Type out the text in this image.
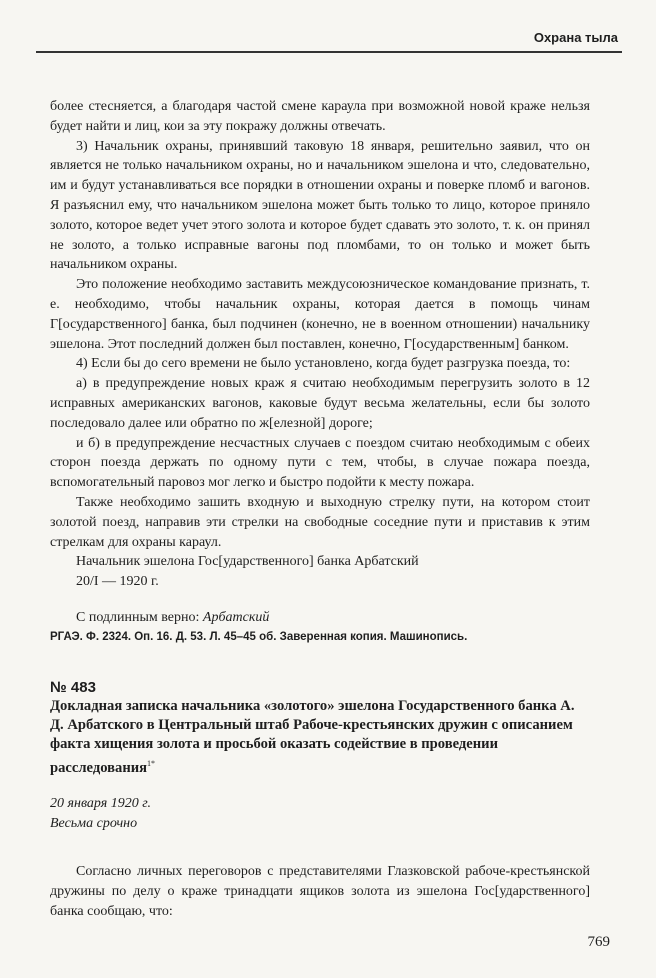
Охрана тыла

более стесняется, а благодаря частой смене караула при возможной новой краже нельзя будет найти и лиц, кои за эту покражу должны отвечать.

3) Начальник охраны, принявший таковую 18 января, решительно заявил, что он является не только начальником охраны, но и начальником эшелона и что, следовательно, им и будут устанавливаться все порядки в отношении охраны и поверке пломб и вагонов. Я разъяснил ему, что начальником эшелона может быть только то лицо, которое приняло золото, которое ведет учет этого золота и которое будет сдавать это золото, т. к. он принял не золото, а только исправные вагоны под пломбами, то он только и может быть начальником охраны.

Это положение необходимо заставить междусоюзническое командование признать, т. е. необходимо, чтобы начальник охраны, которая дается в помощь чинам Г[осударственного] банка, был подчинен (конечно, не в военном отношении) начальнику эшелона. Этот последний должен был поставлен, конечно, Г[осударственным] банком.

4) Если бы до сего времени не было установлено, когда будет разгрузка поезда, то:

а) в предупреждение новых краж я считаю необходимым перегрузить золото в 12 исправных американских вагонов, каковые будут весьма желательны, если бы золото последовало далее или обратно по ж[елезной] дороге;

и б) в предупреждение несчастных случаев с поездом считаю необходимым с обеих сторон поезда держать по одному пути с тем, чтобы, в случае пожара поезда, вспомогательный паровоз мог легко и быстро подойти к месту пожара.

Также необходимо зашить входную и выходную стрелку пути, на котором стоит золотой поезд, направив эти стрелки на свободные соседние пути и приставив к этим стрелкам для охраны караул.

Начальник эшелона Гос[ударственного] банка Арбатский

20/I — 1920 г.

С подлинным верно: Арбатский

РГАЭ. Ф. 2324. Оп. 16. Д. 53. Л. 45–45 об. Заверенная копия. Машинопись.

№ 483
Докладная записка начальника «золотого» эшелона Государственного банка А. Д. Арбатского в Центральный штаб Рабоче-крестьянских дружин с описанием факта хищения золота и просьбой оказать содействие в проведении расследования$^{1*}$
20 января 1920 г.
Весьма срочно

Согласно личных переговоров с представителями Глазковской рабоче-крестьянской дружины по делу о краже тринадцати ящиков золота из эшелона Гос[ударственного] банка сообщаю, что:

769
